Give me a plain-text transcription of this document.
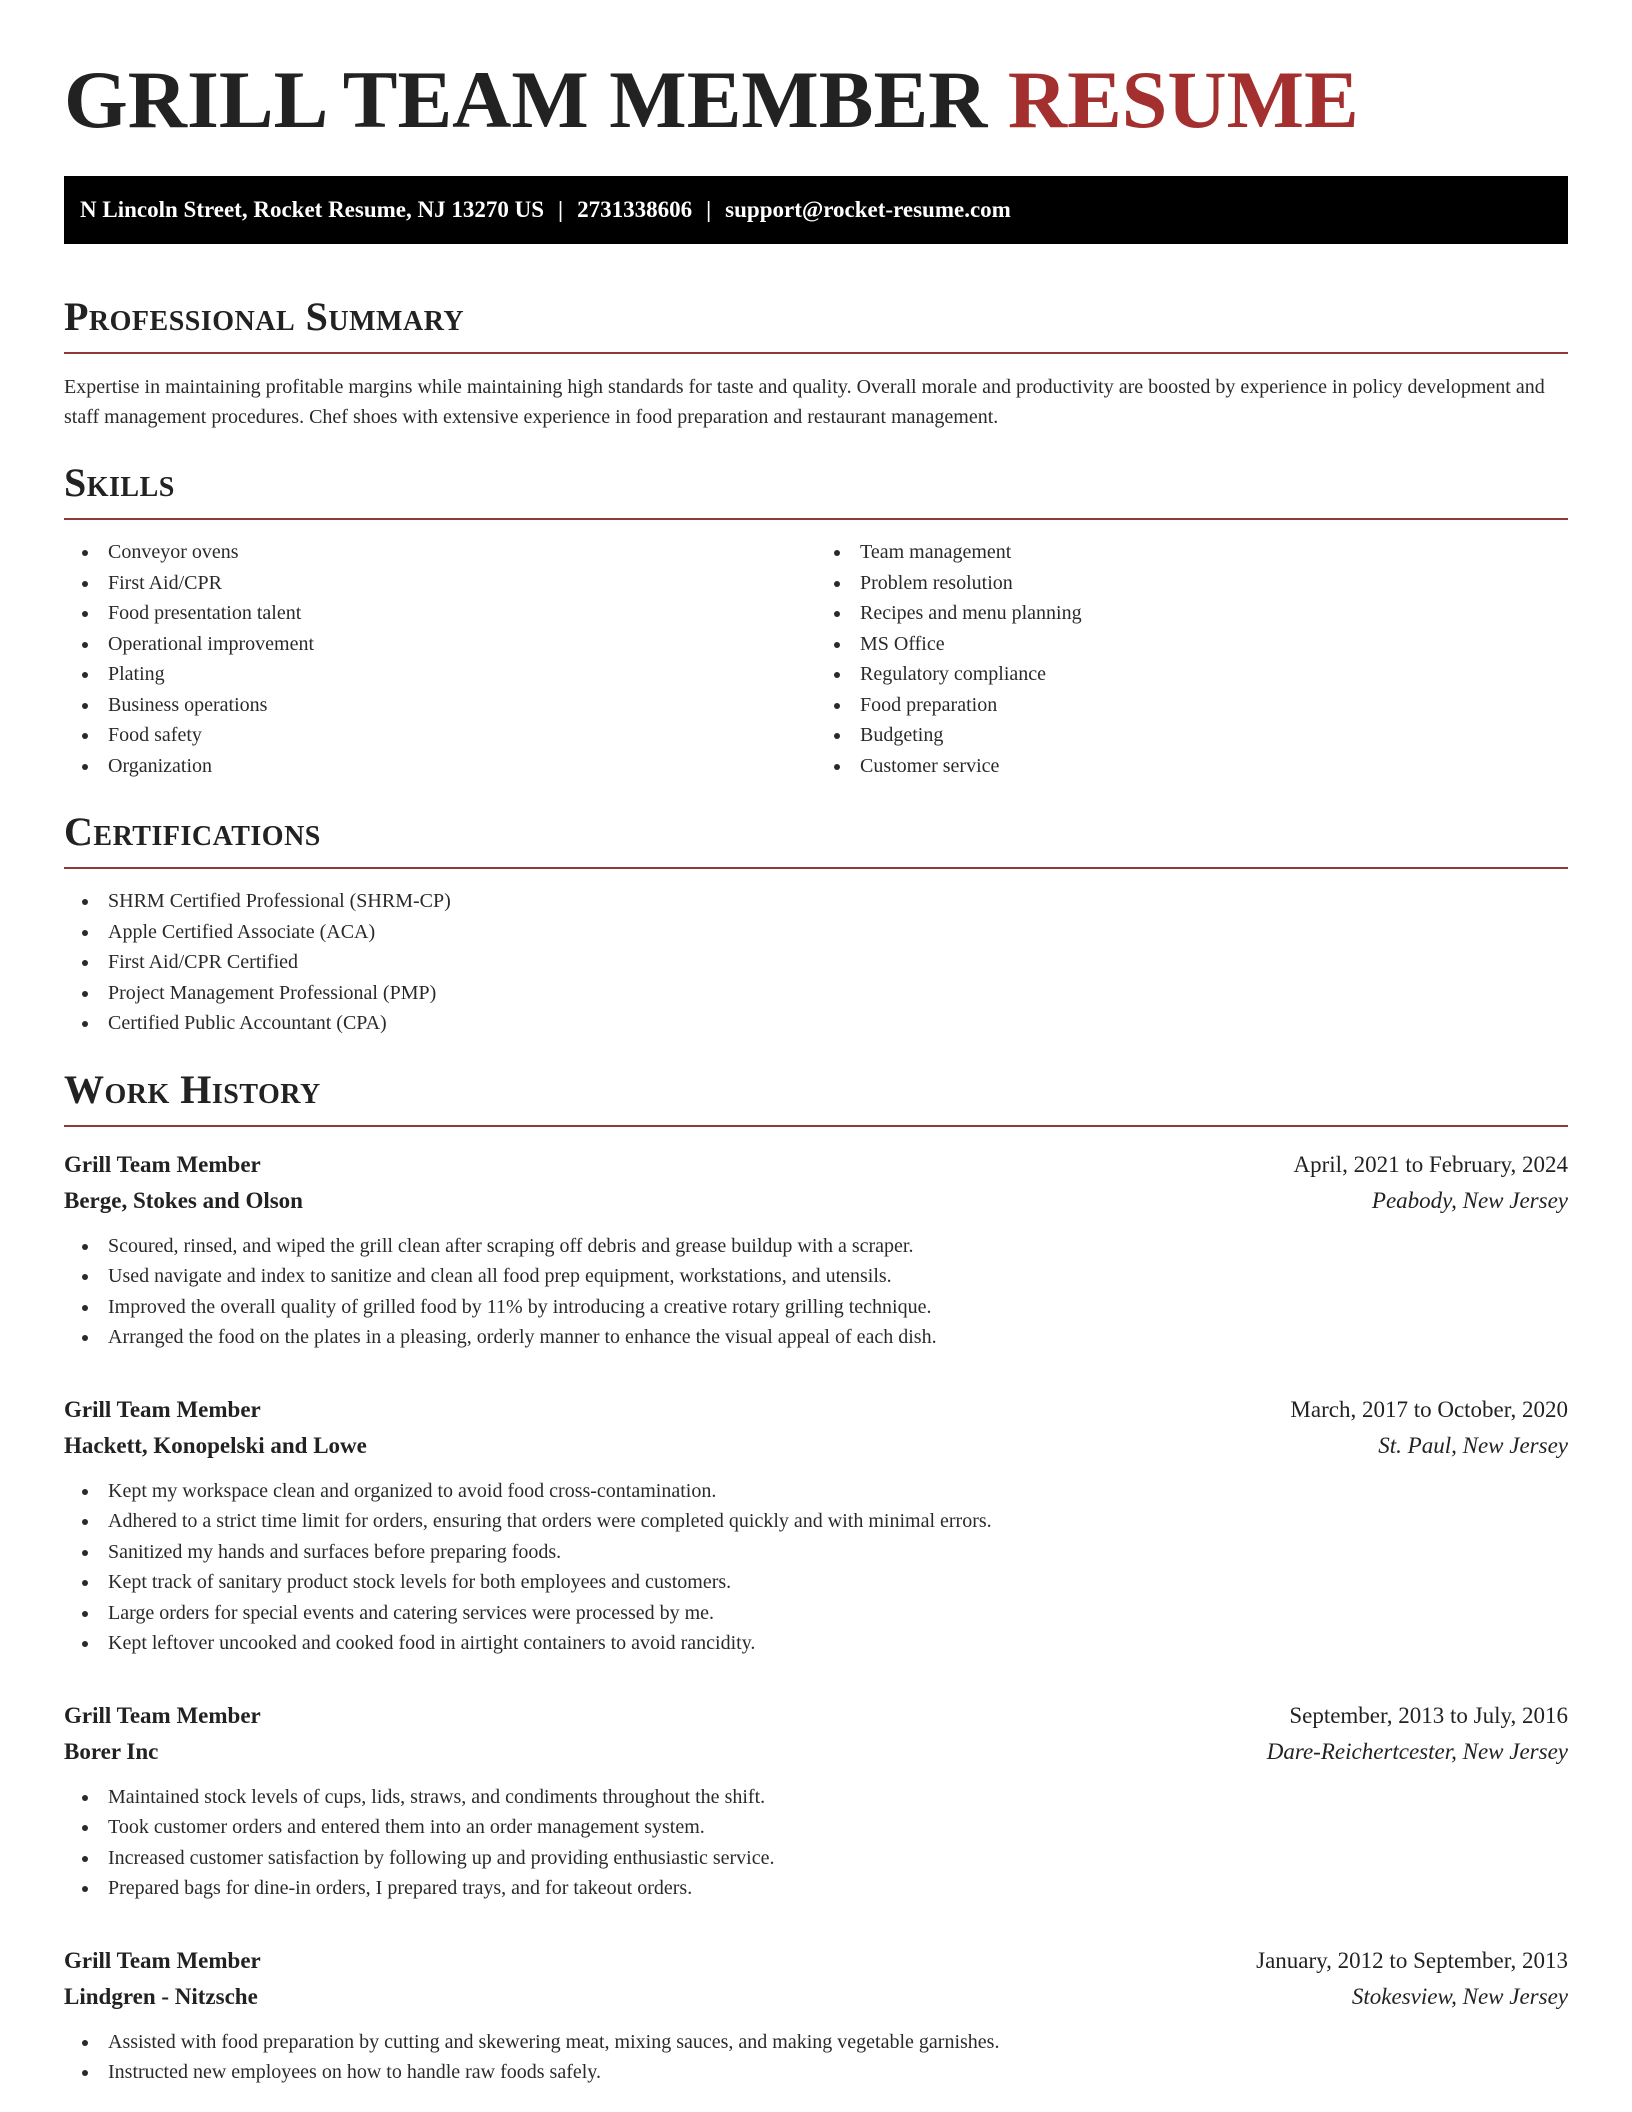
GRILL TEAM MEMBER RESUME
N Lincoln Street, Rocket Resume, NJ 13270 US | 2731338606 | support@rocket-resume.com
Professional Summary

Expertise in maintaining profitable margins while maintaining high standards for taste and quality. Overall morale and productivity are boosted by experience in policy development and staff management procedures. Chef shoes with extensive experience in food preparation and restaurant management.

Skills
Conveyor ovens
First Aid/CPR
Food presentation talent
Operational improvement
Plating
Business operations
Food safety
Organization
Team management
Problem resolution
Recipes and menu planning
MS Office
Regulatory compliance
Food preparation
Budgeting
Customer service
Certifications
SHRM Certified Professional (SHRM-CP)
Apple Certified Associate (ACA)
First Aid/CPR Certified
Project Management Professional (PMP)
Certified Public Accountant (CPA)
Work History
Grill Team Member	April, 2021 to February, 2024
Berge, Stokes and Olson	Peabody, New Jersey
Scoured, rinsed, and wiped the grill clean after scraping off debris and grease buildup with a scraper.
Used navigate and index to sanitize and clean all food prep equipment, workstations, and utensils.
Improved the overall quality of grilled food by 11% by introducing a creative rotary grilling technique.
Arranged the food on the plates in a pleasing, orderly manner to enhance the visual appeal of each dish.
Grill Team Member	March, 2017 to October, 2020
Hackett, Konopelski and Lowe	St. Paul, New Jersey
Kept my workspace clean and organized to avoid food cross-contamination.
Adhered to a strict time limit for orders, ensuring that orders were completed quickly and with minimal errors.
Sanitized my hands and surfaces before preparing foods.
Kept track of sanitary product stock levels for both employees and customers.
Large orders for special events and catering services were processed by me.
Kept leftover uncooked and cooked food in airtight containers to avoid rancidity.
Grill Team Member	September, 2013 to July, 2016
Borer Inc	Dare-Reichertcester, New Jersey
Maintained stock levels of cups, lids, straws, and condiments throughout the shift.
Took customer orders and entered them into an order management system.
Increased customer satisfaction by following up and providing enthusiastic service.
Prepared bags for dine-in orders, I prepared trays, and for takeout orders.
Grill Team Member	January, 2012 to September, 2013
Lindgren - Nitzsche	Stokesview, New Jersey
Assisted with food preparation by cutting and skewering meat, mixing sauces, and making vegetable garnishes.
Instructed new employees on how to handle raw foods safely.
